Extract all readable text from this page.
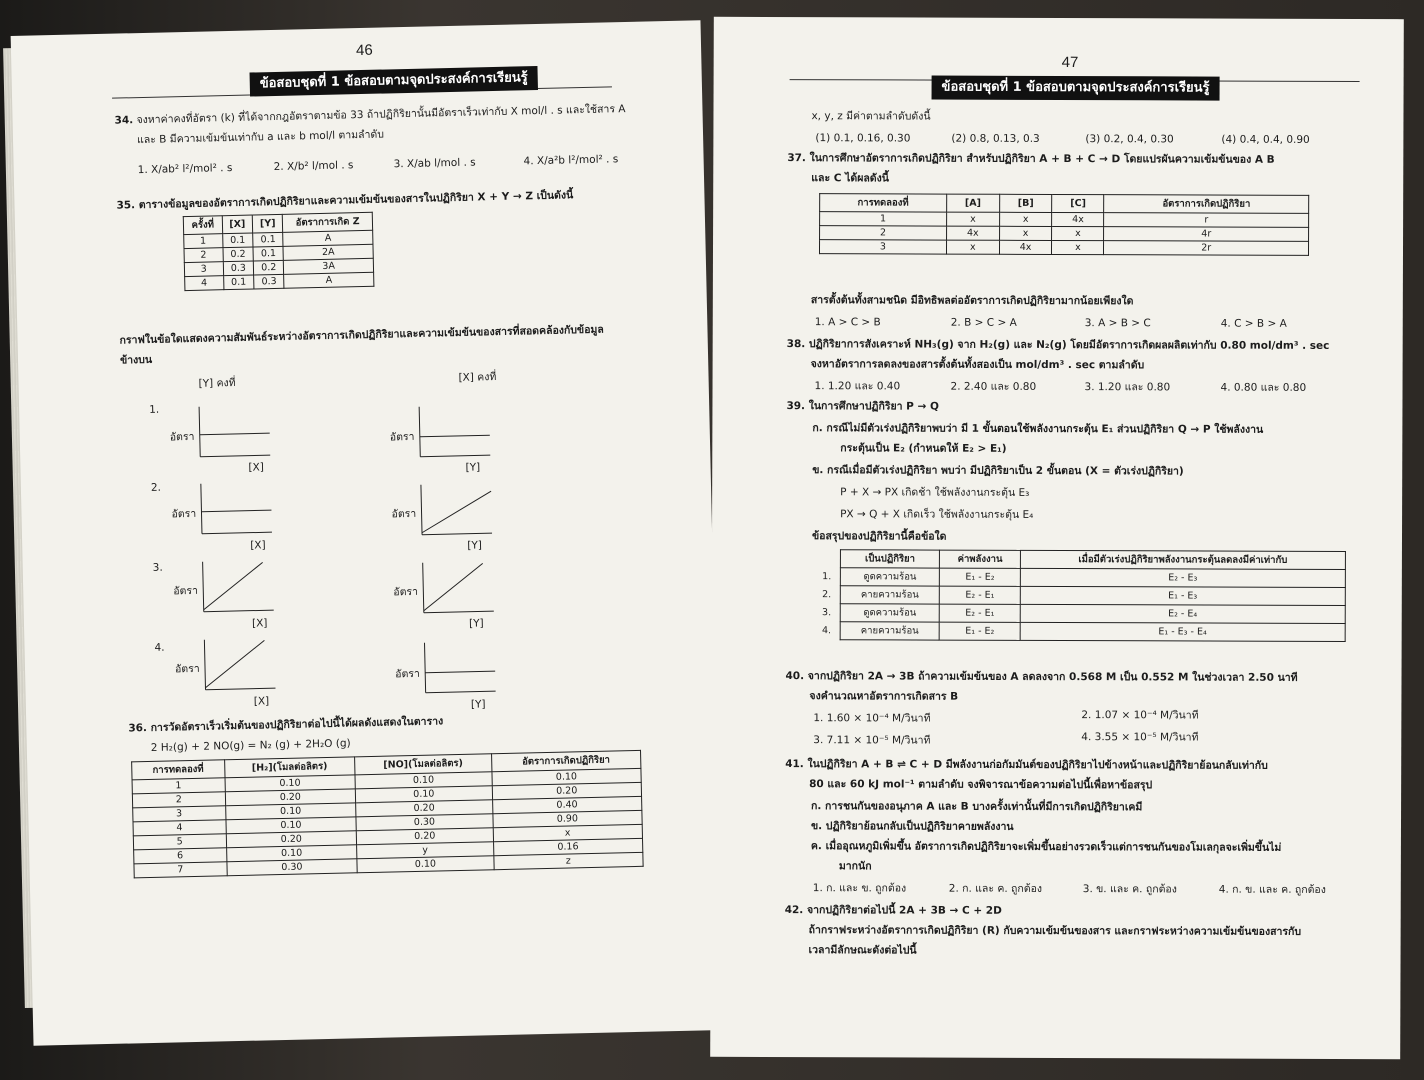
46
ข้อสอบชุดที่ 1 ข้อสอบตามจุดประสงค์การเรียนรู้
34. จงหาค่าคงที่อัตรา (k) ที่ได้จากกฎอัตราตามข้อ 33 ถ้าปฏิกิริยานั้นมีอัตราเร็วเท่ากับ X mol/l . s และใช้สาร A
และ B มีความเข้มข้นเท่ากับ a และ b mol/l ตามลำดับ
1. X/ab² l²/mol² . s	2. X/b² l/mol . s	3. X/ab l/mol . s	4. X/a²b l²/mol² . s
35. ตารางข้อมูลของอัตราการเกิดปฏิกิริยาและความเข้มข้นของสารในปฏิกิริยา X + Y → Z เป็นดังนี้
ครั้งที่	[X]	[Y]	อัตราการเกิด Z
1	0.1	0.1	A
2	0.2	0.1	2A
3	0.3	0.2	3A
4	0.1	0.3	A
กราฟในข้อใดแสดงความสัมพันธ์ระหว่างอัตราการเกิดปฏิกิริยาและความเข้มข้นของสารที่สอดคล้องกับข้อมูล
ข้างบน
[Y] คงที่	[X] คงที่
1.
อัตรา
[X]
อัตรา
[Y]
2.
อัตรา
[X]
อัตรา
[Y]
3.
อัตรา
[X]
อัตรา
[Y]
4.
อัตรา
[X]
อัตรา
[Y]
36. การวัดอัตราเร็วเริ่มต้นของปฏิกิริยาต่อไปนี้ได้ผลดังแสดงในตาราง
2 H₂(g) + 2 NO(g) = N₂ (g) + 2H₂O (g)
การทดลองที่	[H₂](โมลต่อลิตร)	[NO](โมลต่อลิตร)	อัตราการเกิดปฏิกิริยา
1	0.10	0.10	0.10
2	0.20	0.10	0.20
3	0.10	0.20	0.40
4	0.10	0.30	0.90
5	0.20	0.20	x
6	0.10	y	0.16
7	0.30	0.10	z
47
ข้อสอบชุดที่ 1 ข้อสอบตามจุดประสงค์การเรียนรู้
x, y, z มีค่าตามลำดับดังนี้
(1) 0.1, 0.16, 0.30	(2) 0.8, 0.13, 0.3	(3) 0.2, 0.4, 0.30	(4) 0.4, 0.4, 0.90
37. ในการศึกษาอัตราการเกิดปฏิกิริยา สำหรับปฏิกิริยา A + B + C → D โดยแปรผันความเข้มข้นของ A B
และ C ได้ผลดังนี้
การทดลองที่	[A]	[B]	[C]	อัตราการเกิดปฏิกิริยา
1	x	x	4x	r
2	4x	x	x	4r
3	x	4x	x	2r
สารตั้งต้นทั้งสามชนิด มีอิทธิพลต่ออัตราการเกิดปฏิกิริยามากน้อยเพียงใด
1. A > C > B	2. B > C > A	3. A > B > C	4. C > B > A
38. ปฏิกิริยาการสังเคราะห์ NH₃(g) จาก H₂(g) และ N₂(g) โดยมีอัตราการเกิดผลผลิตเท่ากับ 0.80 mol/dm³ . sec
จงหาอัตราการลดลงของสารตั้งต้นทั้งสองเป็น mol/dm³ . sec ตามลำดับ
1. 1.20 และ 0.40	2. 2.40 และ 0.80	3. 1.20 และ 0.80	4. 0.80 และ 0.80
39. ในการศึกษาปฏิกิริยา P → Q
ก. กรณีไม่มีตัวเร่งปฏิกิริยาพบว่า มี 1 ขั้นตอนใช้พลังงานกระตุ้น E₁ ส่วนปฏิกิริยา Q → P ใช้พลังงาน
กระตุ้นเป็น E₂ (กำหนดให้ E₂ > E₁)
ข. กรณีเมื่อมีตัวเร่งปฏิกิริยา พบว่า มีปฏิกิริยาเป็น 2 ขั้นตอน (X = ตัวเร่งปฏิกิริยา)
P + X → PX เกิดช้า ใช้พลังงานกระตุ้น E₃
PX → Q + X เกิดเร็ว ใช้พลังงานกระตุ้น E₄
ข้อสรุปของปฏิกิริยานี้คือข้อใด
	เป็นปฏิกิริยา	ค่าพลังงาน	เมื่อมีตัวเร่งปฏิกิริยาพลังงานกระตุ้นลดลงมีค่าเท่ากับ
1.	ดูดความร้อน	E₁ - E₂	E₂ - E₃
2.	คายความร้อน	E₂ - E₁	E₁ - E₃
3.	ดูดความร้อน	E₂ - E₁	E₂ - E₄
4.	คายความร้อน	E₁ - E₂	E₁ - E₃ - E₄
40. จากปฏิกิริยา 2A → 3B ถ้าความเข้มข้นของ A ลดลงจาก 0.568 M เป็น 0.552 M ในช่วงเวลา 2.50 นาที
จงคำนวณหาอัตราการเกิดสาร B
1. 1.60 × 10⁻⁴ M/วินาที	2. 1.07 × 10⁻⁴ M/วินาที
3. 7.11 × 10⁻⁵ M/วินาที	4. 3.55 × 10⁻⁵ M/วินาที
41. ในปฏิกิริยา A + B ⇌ C + D มีพลังงานก่อกัมมันต์ของปฏิกิริยาไปข้างหน้าและปฏิกิริยาย้อนกลับเท่ากับ
80 และ 60 kJ mol⁻¹ ตามลำดับ จงพิจารณาข้อความต่อไปนี้เพื่อหาข้อสรุป
ก. การชนกันของอนุภาค A และ B บางครั้งเท่านั้นที่มีการเกิดปฏิกิริยาเคมี
ข. ปฏิกิริยาย้อนกลับเป็นปฏิกิริยาคายพลังงาน
ค. เมื่ออุณหภูมิเพิ่มขึ้น อัตราการเกิดปฏิกิริยาจะเพิ่มขึ้นอย่างรวดเร็วแต่การชนกันของโมเลกุลจะเพิ่มขึ้นไม่
มากนัก
1. ก. และ ข. ถูกต้อง	2. ก. และ ค. ถูกต้อง	3. ข. และ ค. ถูกต้อง	4. ก. ข. และ ค. ถูกต้อง
42. จากปฏิกิริยาต่อไปนี้ 2A + 3B → C + 2D
ถ้ากราฟระหว่างอัตราการเกิดปฏิกิริยา (R) กับความเข้มข้นของสาร และกราฟระหว่างความเข้มข้นของสารกับ
เวลามีลักษณะดังต่อไปนี้
